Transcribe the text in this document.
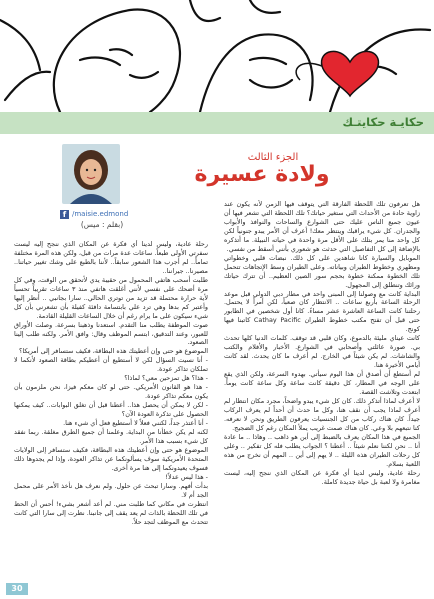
حكايـة حكايتـك
f /maisie.edmond
(بقلم : ميس)
الجزء الثالث
ولادة عسيرة

هل تعرفون تلك اللحظة الفارقة التي يتوقف فيها الزمن لأنه يكون عند زاوية حادة من الأحداث التي ستغير حياتك؟ تلك اللحظة التي تشعر فيها أن عيون جميع الناس عليك حتى الشوارع والساحات والنوافذ والأبواب والجدران. كل شيء يراقبك وينتظر معك! أعرف أن الأمر يبدو جنونياً لكن كل واحد منا يمر بتلك على الأقل مرة واحدة في حياته النبيلة. ما أتذكره بالإضافة إلى كل التفاصيل التي حدثت هو شعوري بأنني أسقط من نفسي.

الموبايل والسيارة كانا شاهدين على كل ذلك. نبضات قلبي وخطواتي ومظهري وخطوط الطيران وبياناته. وعلى الطيران وسط الإتجاهات تتحمل تلك الخطوة ممكنة خطوة بحجم سور الصين العظيم.. أن تترك حياتك ورائك وتنطلق إلى المجهول.

البداية كانت مع وصولنا إلى المبنى واحد في مطار دبي الدولي قبل موعد الرحلة الساعة بأربع ساعات .. الانتظار كان صعباً، لكن أمراً لا يحتمل. رحلتنا كانت الساعة العاشرة عشر مساءً. كانا أول شخصين في الطابور حتى قبل أن تفتح مكتب خطوط الطيران Cathay Pacific كاتبنا فيها كونج.

كانت عيناي مليئة بالدموع، وكان قلبي قد توقف. كلمات الدنيا كلها تحدث بي. صورة عائلتي وأصحابي في الشوارع. الأخبار والأفلام والكتب والشاشات. لم يكن شيئاً في الخارج. لم أعرف ما كان يحدث. لقد كانت أيامي الأخيرة هنا.

لم أستطع أن أصدق أن هذا اليوم سيأتي. بهدوء السرعة، ولكن الذي يقع على الوجه في المطار، كل دقيقة كانت ساعة وكل ساعة كانت يوماً. ابتعدت وتلاشت القصة.

لا أعرف لماذا أتذكر ذلك. كان كل شيء يبدو واضحاً، مجرد مكان انتظار لم أعرف لماذا يجب أن نقف هنا، وكل ما حدث أن أحداً لم يعرف الركاب جيداً. كان هناك ركاب من كل الجنسيات يعرفون الطريق ونحن لا نعرفه. كنا نتبعهم بلا وعي. كان هناك صمت غريب يملأ المكان رغم كل الضجيج.

الجميع في هذا المكان يعرف بالضبط إلى أين هو ذاهب .. وهاذا .. ما عادة أنا .. نحن لكننا نعلم شيئاً .. أعطنا ؟ الجواب يطلب فله كل تفكير .. وعلى كل رحلات الطيران هذه الليلة .. لا يهم إلى أين .. المهم أن نخرج من هذه اللعبة بسلام.

رحلة عادية، وليس لدينا أي فكرة عن المكان الذي ننجح إليه، ليست مغامرة ولا لعبة بل حياة جديدة كاملة.

رحلة عادية، وليس لدينا أي فكرة عن المكان الذي ننجح إليه ليست سفرتي الأولى طبعاً. ساعات عدة مرات من قبل، ولكن هذه المرة مختلفة تماماً.. لم أجرب هذا الشعور سابقاً.. لأننا بالطبع على وشك تغيير حياتنا.. مصيرنا.. جيراننا..

طلبت أسحب هاتفي المحمول من حقيبة يدي لأتحقق من الوقت، وفي كل مرة أضحك على نفسي لأنني أغلقت هاتفي منذ ٣ ساعات تقريباً تحسباً لأية حرارة محتملة قد تزيد من توتري الحالي.. سارا بجانبي .. أنظر إليها وأعتبر كم بدها وهي ترد علي بابتسامة دافئة كفيلة بأن تشعرني بأن كل شيء سيكون على ما يرام رغم أن خلال الساعات القليلة القادمة.

صوت الموظفة يطلب منا التقدم. استعدنا وذهبنا بسرعة. وصلت الأوراق للعبور، وعند التدقيق، ابتسم الموظف وقال: وافق الأمر. ولكنه طلب إلينا الصعود.

الموضوع هو حتى وإن أعطيتك هذه البطاقة، فكيف ستسافر إلى أمريكا؟

- أنا نسيت السؤال لكن لا أستطيع أن أعطيكم بطاقة الصعود لأنكما لا تملكان تذاكر عودة.

- هذا؟ هل تمزحين معي؟ لماذا؟

- هذا هو القانون الأمريكي. حتى لو كان معكم فيزا، نحن ملزمون بأن يكون معكم تذاكر عودة.

- لكن لا يمكن أن يحصل هذا.. أعطنا قبل أن تغلق البوابات.. كيف يمكنها الحصول على تذكرة العودة الآن؟

- أنا أعتذر جداً، لكنني فعلاً لا أستطيع فعل أي شيء هنا.

لكنه لم يكن خطأنا من البداية. وعلمنا أن جميع الطرق مغلقة. ربما نفقد كل شيء بسبب هذا الأمر.

الموضوع هو حتى وإن أعطيتك هذه البطاقة، فكيف ستسافر إلى الولايات المتحدة الأمريكية سوف يسألونكما عن تذاكر العودة، وإذا لم يجدوها ذلك فسوف يعيدونكما إلى هنا مرة أخرى.

- هذا ليس عدلاً!

بدأت أفهم. وسارا تبحث عن حلول. ولم نعرف هل نأخذ الأمر على محمل الجد أم لا.

انتظرت في مكاني كما طلبت مني. لم أعد أشعر بشيء! أحس أن الحظ في تلك اللحظة بالذات لم يعد يقف إلى جانبنا. نظرت إلى سارا التي كانت تتحدث مع الموظف لتجد حلاً.

30
